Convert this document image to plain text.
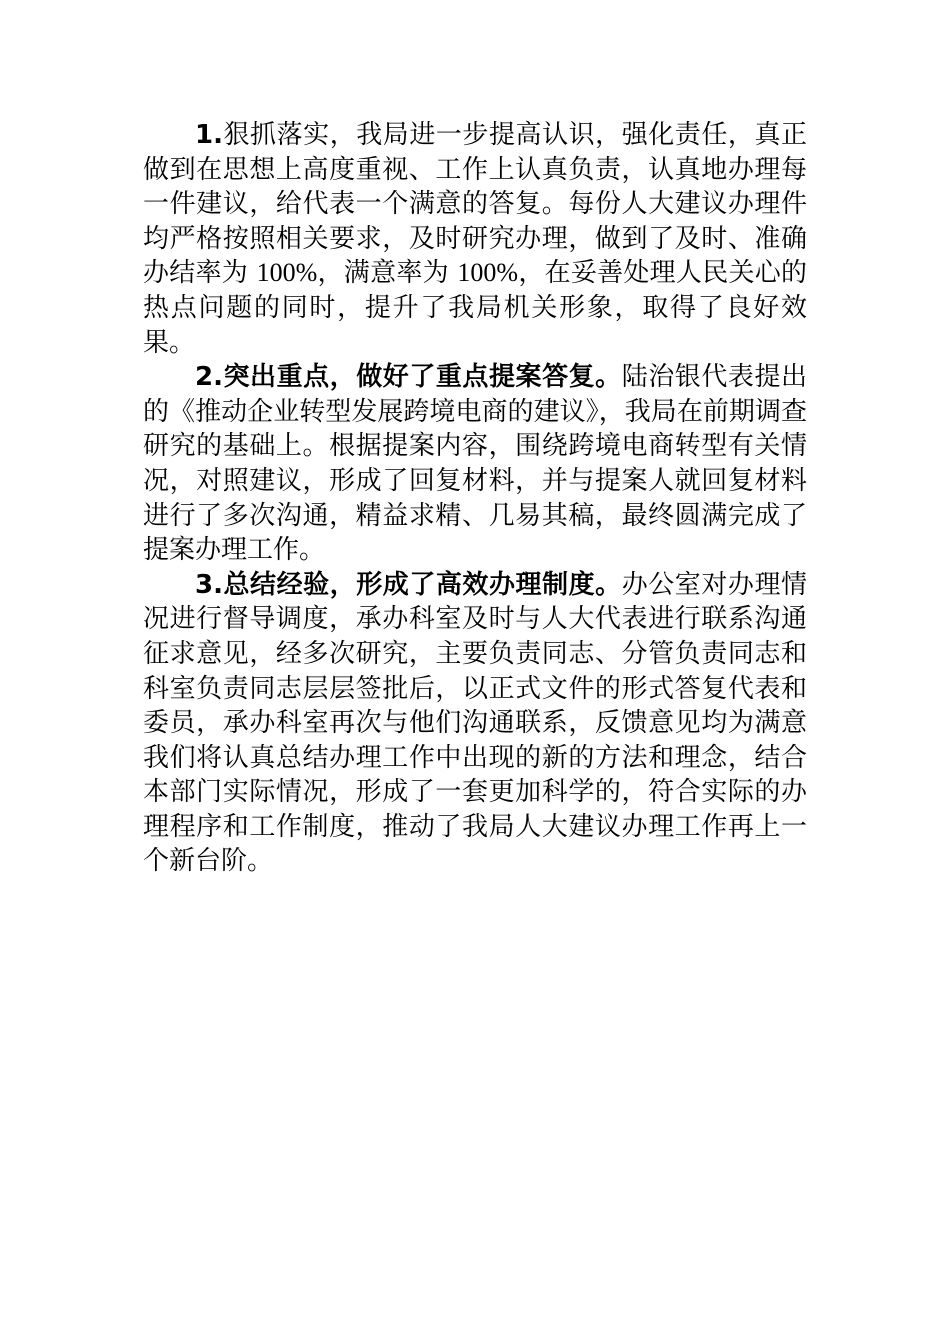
1.狠抓落实，我局进一步提高认识，强化责任，真正做到在思想上高度重视、工作上认真负责，认真地办理每一件建议，给代表一个满意的答复。每份人大建议办理件均严格按照相关要求，及时研究办理，做到了及时、准确办结率为 100%，满意率为 100%，在妥善处理人民关心的热点问题的同时，提升了我局机关形象，取得了良好效果。

2.突出重点，做好了重点提案答复。陆治银代表提出的《推动企业转型发展跨境电商的建议》，我局在前期调查研究的基础上。根据提案内容，围绕跨境电商转型有关情况，对照建议，形成了回复材料，并与提案人就回复材料进行了多次沟通，精益求精、几易其稿，最终圆满完成了提案办理工作。

3.总结经验，形成了高效办理制度。办公室对办理情况进行督导调度，承办科室及时与人大代表进行联系沟通征求意见，经多次研究，主要负责同志、分管负责同志和科室负责同志层层签批后，以正式文件的形式答复代表和委员，承办科室再次与他们沟通联系，反馈意见均为满意我们将认真总结办理工作中出现的新的方法和理念，结合本部门实际情况，形成了一套更加科学的，符合实际的办理程序和工作制度，推动了我局人大建议办理工作再上一个新台阶。
